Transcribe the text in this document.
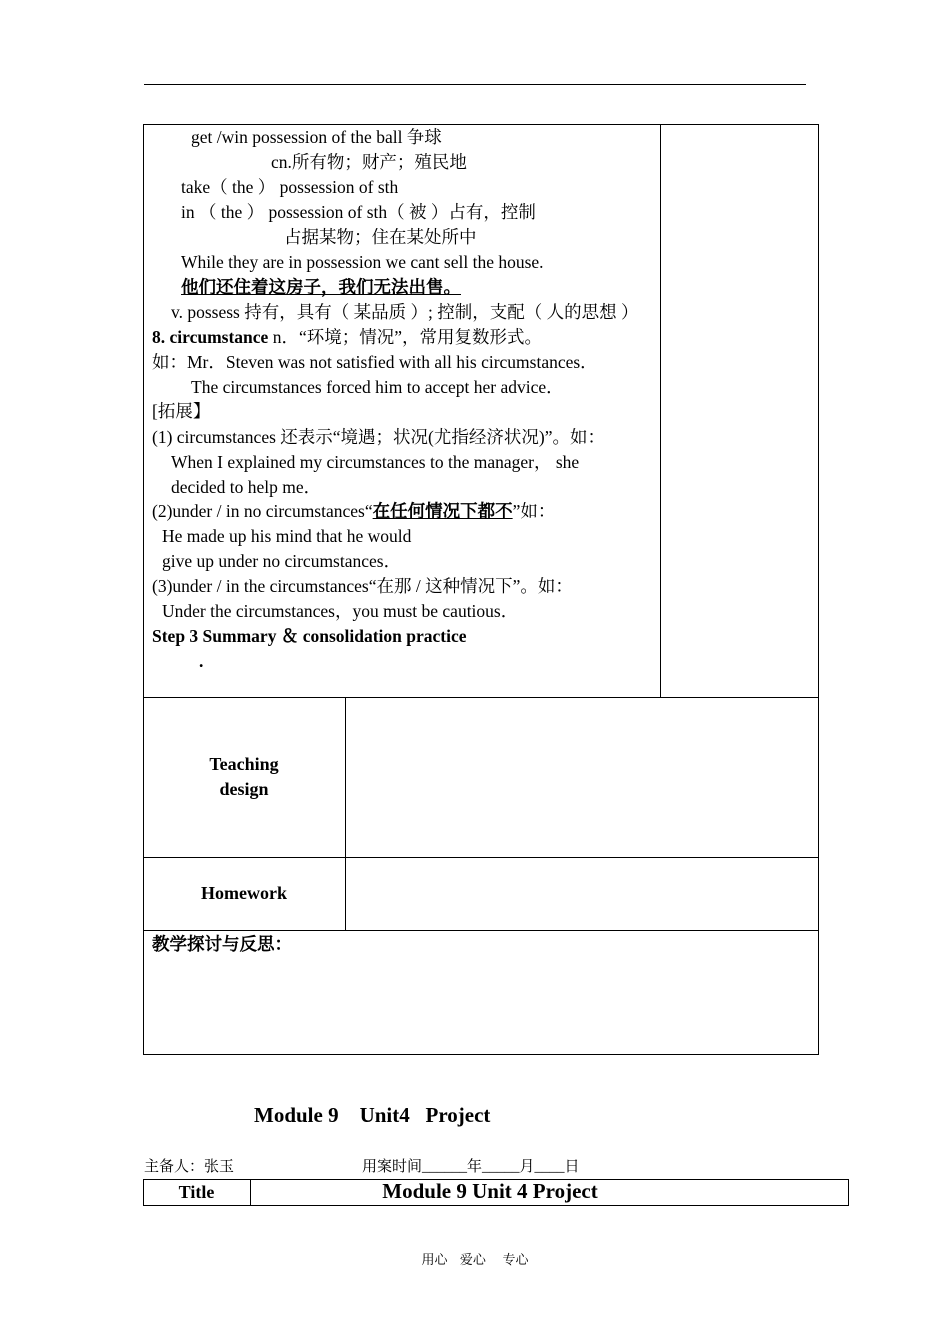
get /win possession of the ball 争球
cn.所有物；财产；殖民地
take（ the ） possession of sth
in （ the ） possession of sth（ 被 ）占有，控制
占据某物；住在某处所中
While they are in possession we cant sell the house.
他们还住着这房子，我们无法出售。
v. possess 持有，具有（ 某品质 ）; 控制，支配（ 人的思想 ）
8. circumstance n．“环境；情况”，常用复数形式。
如：Mr．Steven was not satisfied with all his circumstances．
The circumstances forced him to accept her advice．
[拓展】
(1) circumstances 还表示“境遇；状况(尤指经济状况)”。如：
When I explained my circumstances to the manager， she
decided to help me．
(2)under / in no circumstances“在任何情况下都不”如：
He made up his mind that he would
give up under no circumstances．
(3)under / in the circumstances“在那 / 这种情况下”。如：
Under the circumstances，you must be cautious．
Step 3 Summary ＆ consolidation practice
.
Teaching
design
Homework
教学探讨与反思：
Module 9    Unit4   Project
主备人：张玉	用案时间______年_____月____日
Title	Module 9 Unit 4 Project
用心   爱心    专心
